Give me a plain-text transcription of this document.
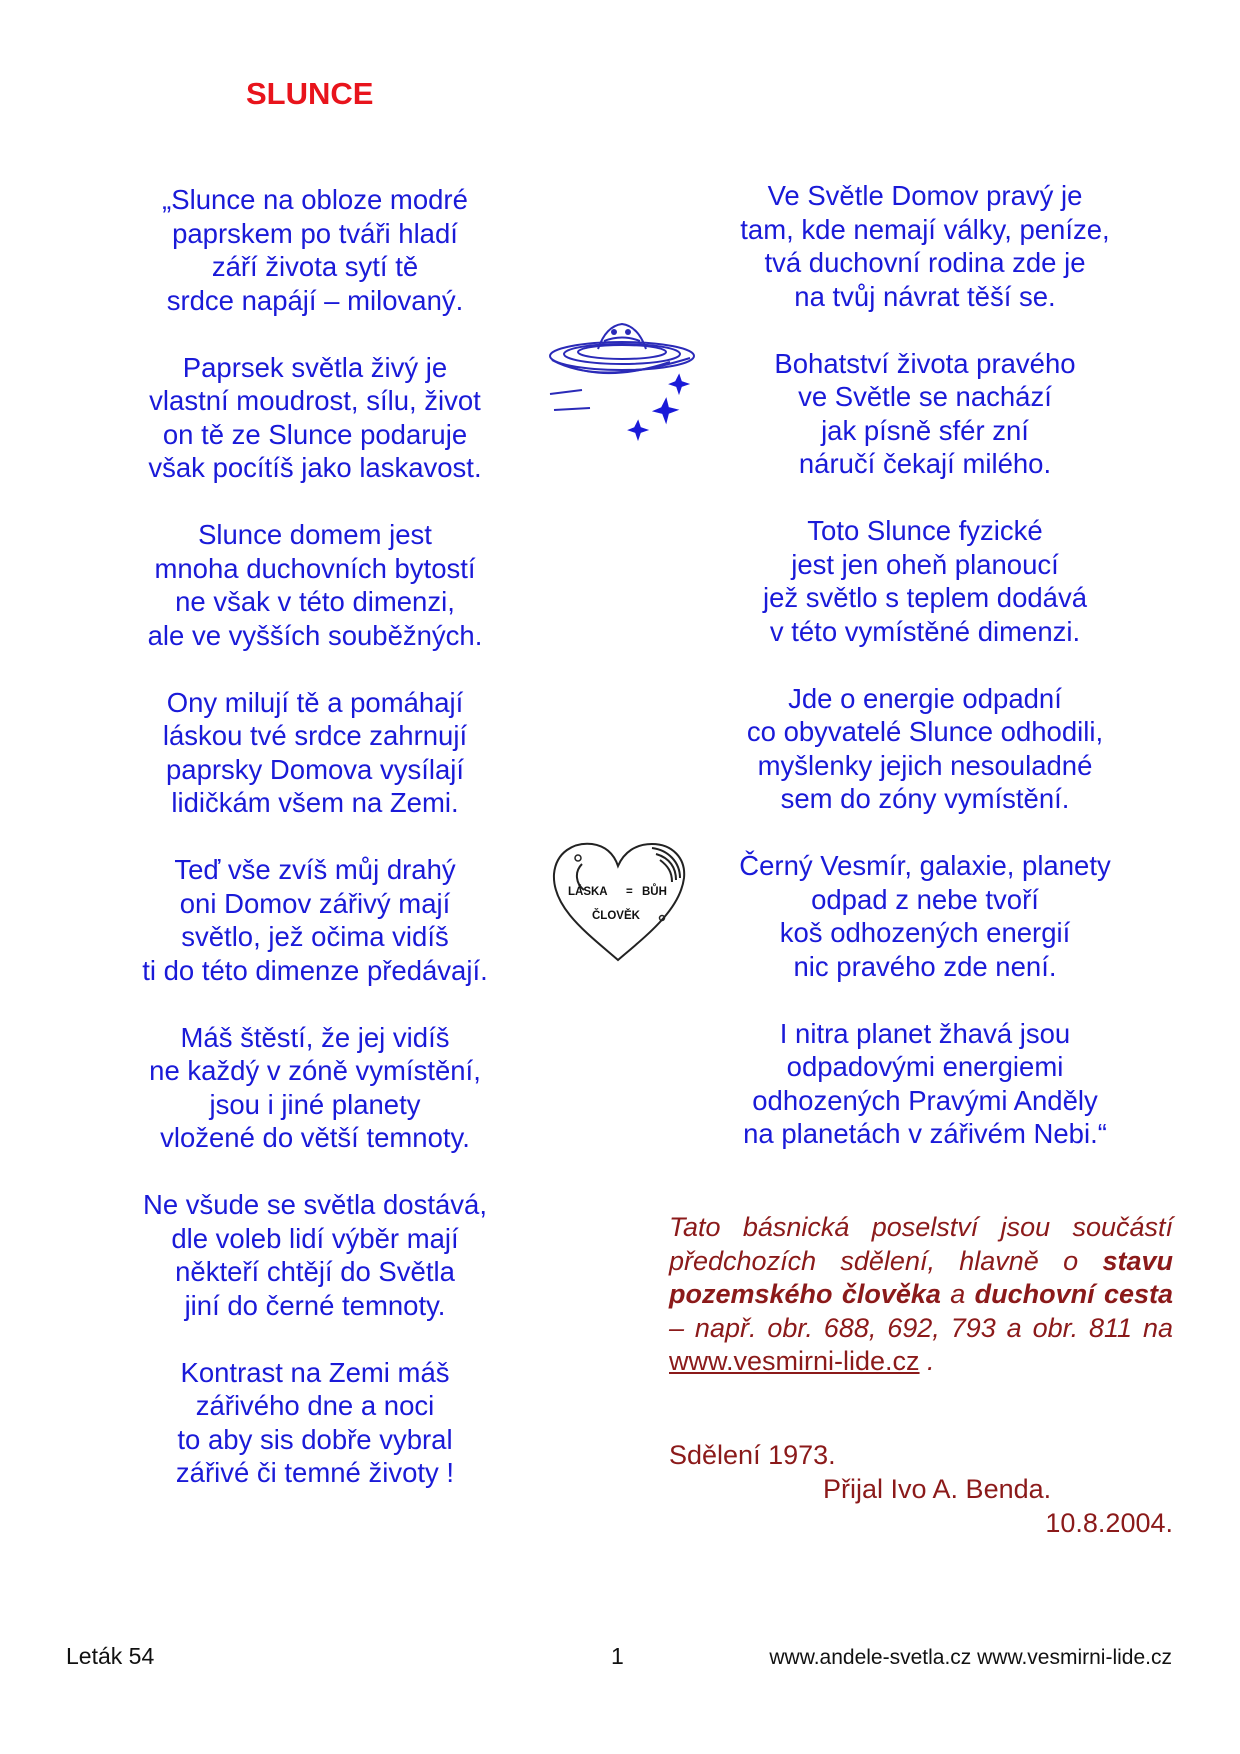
SLUNCE
„Slunce na obloze modré
paprskem po tváři hladí
září života sytí tě
srdce napájí – milovaný.
Paprsek světla živý je
vlastní moudrost, sílu, život
on tě ze Slunce podaruje
však pocítíš jako laskavost.
Slunce domem jest
mnoha duchovních bytostí
ne však v této dimenzi,
ale ve vyšších souběžných.
Ony milují tě a pomáhají
láskou tvé srdce zahrnují
paprsky Domova vysílají
lidičkám všem na Zemi.
Teď vše zvíš můj drahý
oni Domov zářivý mají
světlo, jež očima vidíš
ti do této dimenze předávají.
Máš štěstí, že jej vidíš
ne každý v zóně vymístění,
jsou i jiné planety
vložené do větší temnoty.
Ne všude se světla dostává,
dle voleb lidí výběr mají
někteří chtějí do Světla
jiní do černé temnoty.
Kontrast na Zemi máš
zářivého dne a noci
to aby sis dobře vybral
zářivé či temné životy !
Ve Světle Domov pravý je
tam, kde nemají války, peníze,
tvá duchovní rodina zde je
na tvůj návrat těší se.
Bohatství života pravého
ve Světle se nachází
jak písně sfér zní
náručí čekají milého.
Toto Slunce fyzické
jest jen oheň planoucí
jež světlo s teplem dodává
v této vymístěné dimenzi.
Jde o energie odpadní
co obyvatelé Slunce odhodili,
myšlenky jejich nesouladné
sem do zóny vymístění.
Černý Vesmír, galaxie, planety
odpad z nebe tvoří
koš odhozených energií
nic pravého zde není.
I nitra planet žhavá jsou
odpadovými energiemi
odhozených Pravými Anděly
na planetách v zářivém Nebi.“
LÁSKA = BŮH
ČLOVĚK
Tato básnická poselství jsou součástí předchozích sdělení, hlavně o stavu pozemského člověka a duchovní cesta – např. obr. 688, 692, 793 a obr. 811 na www.vesmirni-lide.cz .
Sdělení 1973.
Přijal Ivo A. Benda.
10.8.2004.
Leták 54	1	www.andele-svetla.cz www.vesmirni-lide.cz
